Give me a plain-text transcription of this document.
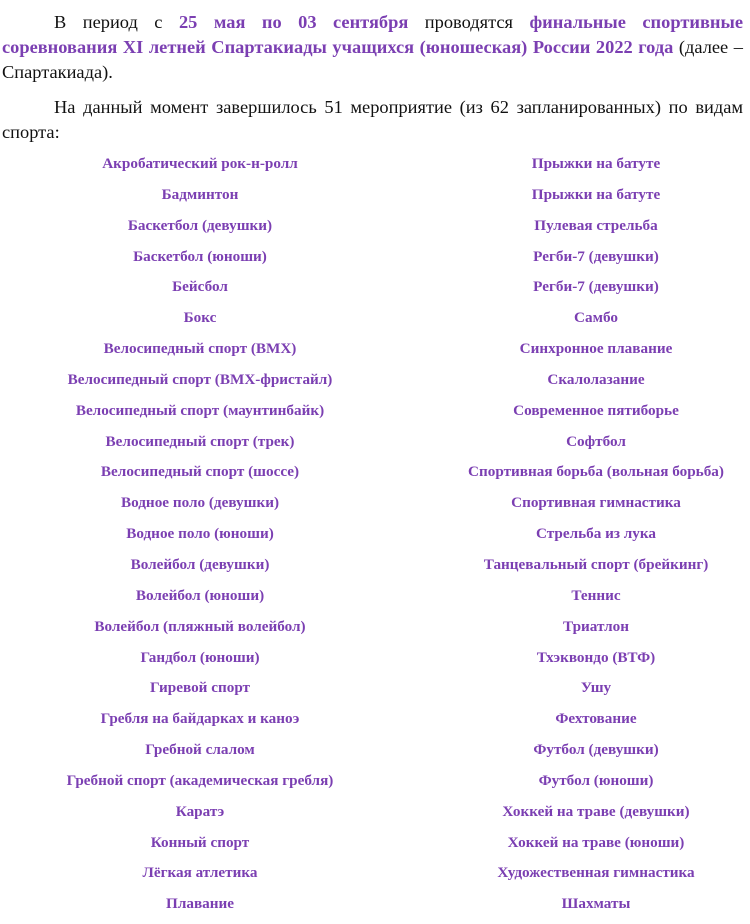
В период с 25 мая по 03 сентября проводятся финальные спортивные соревнования XI летней Спартакиады учащихся (юношеская) России 2022 года (далее – Спартакиада).

На данный момент завершилось 51 мероприятие (из 62 запланированных) по видам спорта:

Акробатический рок-н-ролл
Бадминтон
Баскетбол (девушки)
Баскетбол (юноши)
Бейсбол
Бокс
Велосипедный спорт (BMX)
Велосипедный спорт (BMX-фристайл)
Велосипедный спорт (маунтинбайк)
Велосипедный спорт (трек)
Велосипедный спорт (шоссе)
Водное поло (девушки)
Водное поло (юноши)
Волейбол (девушки)
Волейбол (юноши)
Волейбол (пляжный волейбол)
Гандбол (юноши)
Гиревой спорт
Гребля на байдарках и каноэ
Гребной слалом
Гребной спорт (академическая гребля)
Каратэ
Конный спорт
Лёгкая атлетика
Плавание
Прыжки на батуте
Прыжки на батуте
Пулевая стрельба
Регби-7 (девушки)
Регби-7 (девушки)
Самбо
Синхронное плавание
Скалолазание
Современное пятиборье
Софтбол
Спортивная борьба (вольная борьба)
Спортивная гимнастика
Стрельба из лука
Танцевальный спорт (брейкинг)
Теннис
Триатлон
Тхэквондо (ВТФ)
Ушу
Фехтование
Футбол (девушки)
Футбол (юноши)
Хоккей на траве (девушки)
Хоккей на траве (юноши)
Художественная гимнастика
Шахматы
